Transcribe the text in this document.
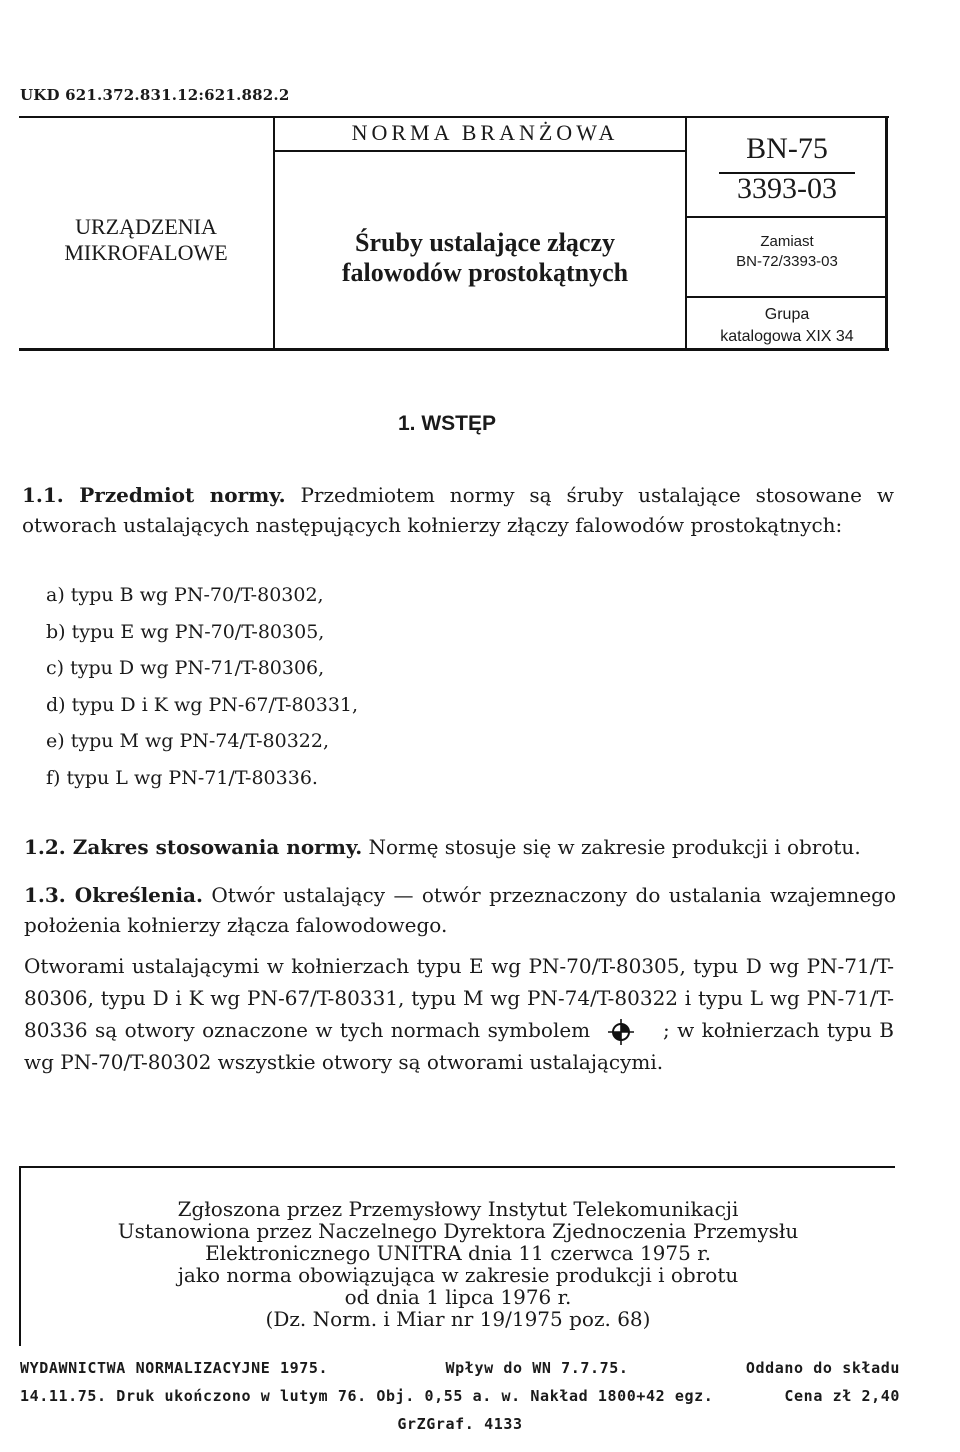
UKD 621.372.831.12:621.882.2
URZĄDZENIA
MIKROFALOWE
NORMA BRANŻOWA
Śruby ustalające złączy
falowodów prostokątnych
BN-75
3393-03
Zamiast
BN-72/3393-03
Grupa
katalogowa XIX 34
1. WSTĘP
1.1. Przedmiot normy. Przedmiotem normy są śruby ustalające stosowane w otworach ustalających następujących kołnierzy złączy falowodów prostokątnych:
a) typu B wg PN-70/T-80302,
b) typu E wg PN-70/T-80305,
c) typu D wg PN-71/T-80306,
d) typu D i K wg PN-67/T-80331,
e) typu M wg PN-74/T-80322,
f) typu L wg PN-71/T-80336.
1.2. Zakres stosowania normy. Normę stosuje się w zakresie produkcji i obrotu.
1.3. Określenia. Otwór ustalający — otwór przeznaczony do ustalania wzajemnego położenia kołnierzy złącza falowodowego.
Otworami ustalającymi w kołnierzach typu E wg PN-70/T-80305, typu D wg PN-71/T-80306, typu D i K wg PN-67/T-80331, typu M wg PN-74/T-80322 i typu L wg PN-71/T-80336 są otwory oznaczone w tych normach symbolem	; w kołnierzach typu B wg PN-70/T-80302 wszystkie otwory są otworami ustalającymi.
Zgłoszona przez Przemysłowy Instytut Telekomunikacji
Ustanowiona przez Naczelnego Dyrektora Zjednoczenia Przemysłu
Elektronicznego UNITRA dnia 11 czerwca 1975 r.
jako norma obowiązująca w zakresie produkcji i obrotu
od dnia 1 lipca 1976 r.
(Dz. Norm. i Miar nr 19/1975 poz. 68)
WYDAWNICTWA NORMALIZACYJNE 1975.	Wpływ do WN 7.7.75.	Oddano do składu
14.11.75. Druk ukończono w lutym 76. Obj. 0,55 a. w. Nakład 1800+42 egz.	Cena zł 2,40
GrZGraf. 4133
